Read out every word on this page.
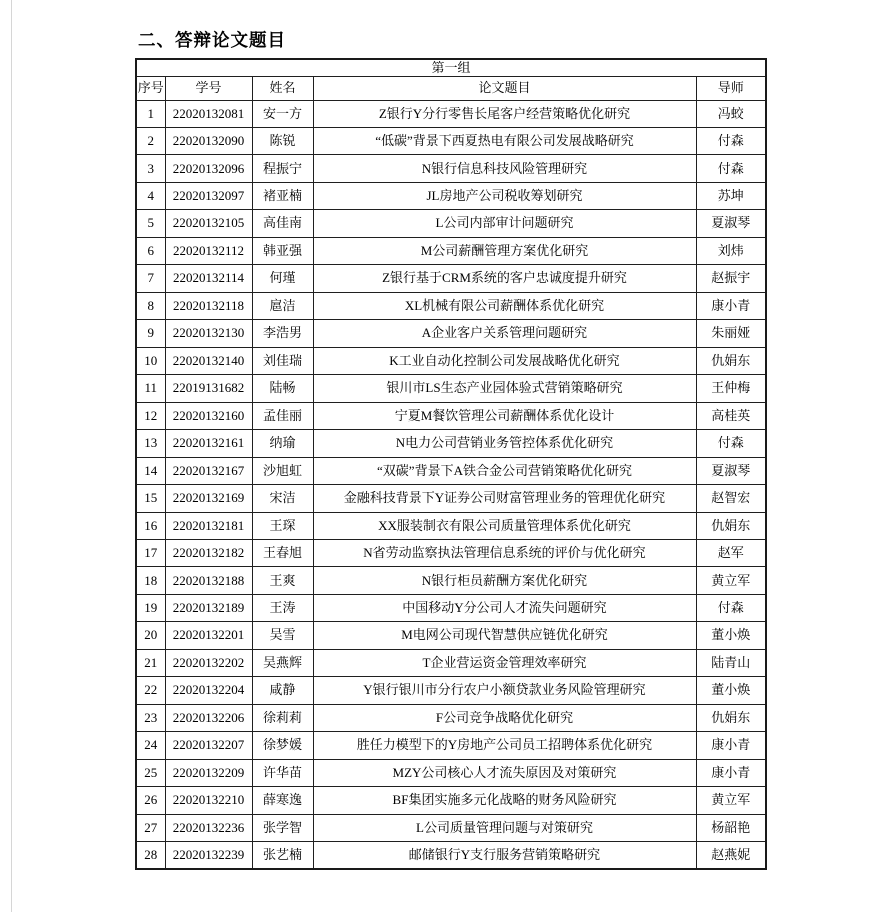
二、答辩论文题目
第一组				
序号	学号	姓名	论文题目	导师
1	22020132081	安一方	Z银行Y分行零售长尾客户经营策略优化研究	冯蛟
2	22020132090	陈锐	“低碳”背景下西夏热电有限公司发展战略研究	付森
3	22020132096	程振宁	N银行信息科技风险管理研究	付森
4	22020132097	褚亚楠	JL房地产公司税收筹划研究	苏坤
5	22020132105	高佳南	L公司内部审计问题研究	夏淑琴
6	22020132112	韩亚强	M公司薪酬管理方案优化研究	刘炜
7	22020132114	何瑾	Z银行基于CRM系统的客户忠诚度提升研究	赵振宇
8	22020132118	扈洁	XL机械有限公司薪酬体系优化研究	康小青
9	22020132130	李浩男	A企业客户关系管理问题研究	朱丽娅
10	22020132140	刘佳瑞	K工业自动化控制公司发展战略优化研究	仇娟东
11	22019131682	陆畅	银川市LS生态产业园体验式营销策略研究	王仲梅
12	22020132160	孟佳丽	宁夏M餐饮管理公司薪酬体系优化设计	高桂英
13	22020132161	纳瑜	N电力公司营销业务管控体系优化研究	付森
14	22020132167	沙旭虹	“双碳”背景下A铁合金公司营销策略优化研究	夏淑琴
15	22020132169	宋洁	金融科技背景下Y证券公司财富管理业务的管理优化研究	赵智宏
16	22020132181	王琛	XX服装制衣有限公司质量管理体系优化研究	仇娟东
17	22020132182	王春旭	N省劳动监察执法管理信息系统的评价与优化研究	赵军
18	22020132188	王爽	N银行柜员薪酬方案优化研究	黄立军
19	22020132189	王涛	中国移动Y分公司人才流失问题研究	付森
20	22020132201	吴雪	M电网公司现代智慧供应链优化研究	董小焕
21	22020132202	吴燕辉	T企业营运资金管理效率研究	陆青山
22	22020132204	咸静	Y银行银川市分行农户小额贷款业务风险管理研究	董小焕
23	22020132206	徐莉莉	F公司竞争战略优化研究	仇娟东
24	22020132207	徐梦媛	胜任力模型下的Y房地产公司员工招聘体系优化研究	康小青
25	22020132209	许华苗	MZY公司核心人才流失原因及对策研究	康小青
26	22020132210	薛寒逸	BF集团实施多元化战略的财务风险研究	黄立军
27	22020132236	张学智	L公司质量管理问题与对策研究	杨韶艳
28	22020132239	张艺楠	邮储银行Y支行服务营销策略研究	赵燕妮
